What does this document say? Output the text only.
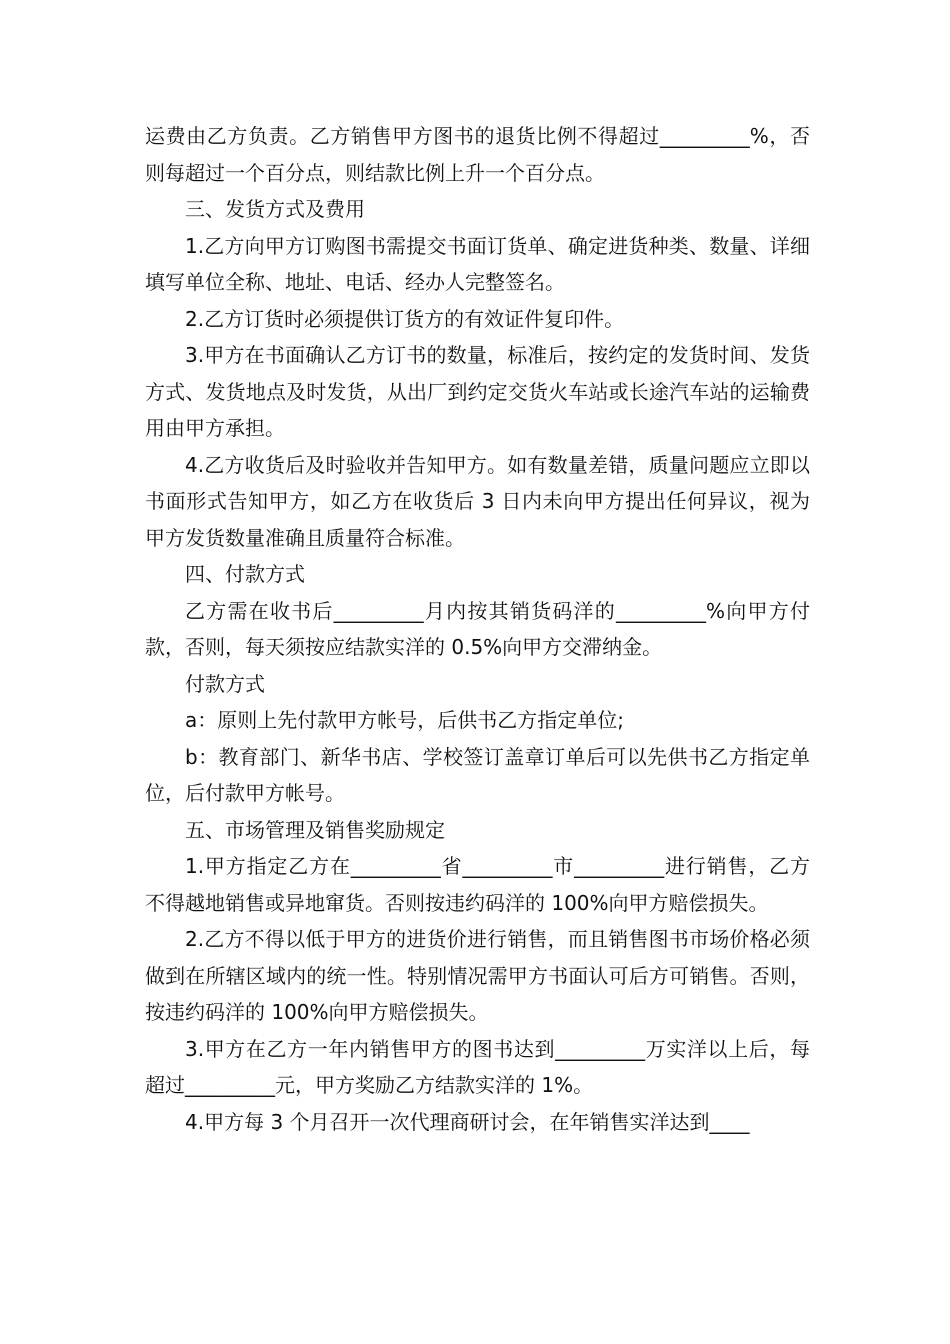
运费由乙方负责。乙方销售甲方图书的退货比例不得超过_________%，否则每超过一个百分点，则结款比例上升一个百分点。

三、发货方式及费用

1.乙方向甲方订购图书需提交书面订货单、确定进货种类、数量、详细填写单位全称、地址、电话、经办人完整签名。

2.乙方订货时必须提供订货方的有效证件复印件。

3.甲方在书面确认乙方订书的数量，标准后，按约定的发货时间、发货方式、发货地点及时发货，从出厂到约定交货火车站或长途汽车站的运输费用由甲方承担。

4.乙方收货后及时验收并告知甲方。如有数量差错，质量问题应立即以书面形式告知甲方，如乙方在收货后 3 日内未向甲方提出任何异议，视为甲方发货数量准确且质量符合标准。

四、付款方式

乙方需在收书后_________月内按其销货码洋的_________%向甲方付款，否则，每天须按应结款实洋的 0.5%向甲方交滞纳金。

付款方式

a：原则上先付款甲方帐号，后供书乙方指定单位;

b：教育部门、新华书店、学校签订盖章订单后可以先供书乙方指定单位，后付款甲方帐号。

五、市场管理及销售奖励规定

1.甲方指定乙方在_________省_________市_________进行销售，乙方不得越地销售或异地窜货。否则按违约码洋的 100%向甲方赔偿损失。

2.乙方不得以低于甲方的进货价进行销售，而且销售图书市场价格必须做到在所辖区域内的统一性。特别情况需甲方书面认可后方可销售。否则，按违约码洋的 100%向甲方赔偿损失。

3.甲方在乙方一年内销售甲方的图书达到_________万实洋以上后，每超过_________元，甲方奖励乙方结款实洋的 1%。

4.甲方每 3 个月召开一次代理商研讨会，在年销售实洋达到____
